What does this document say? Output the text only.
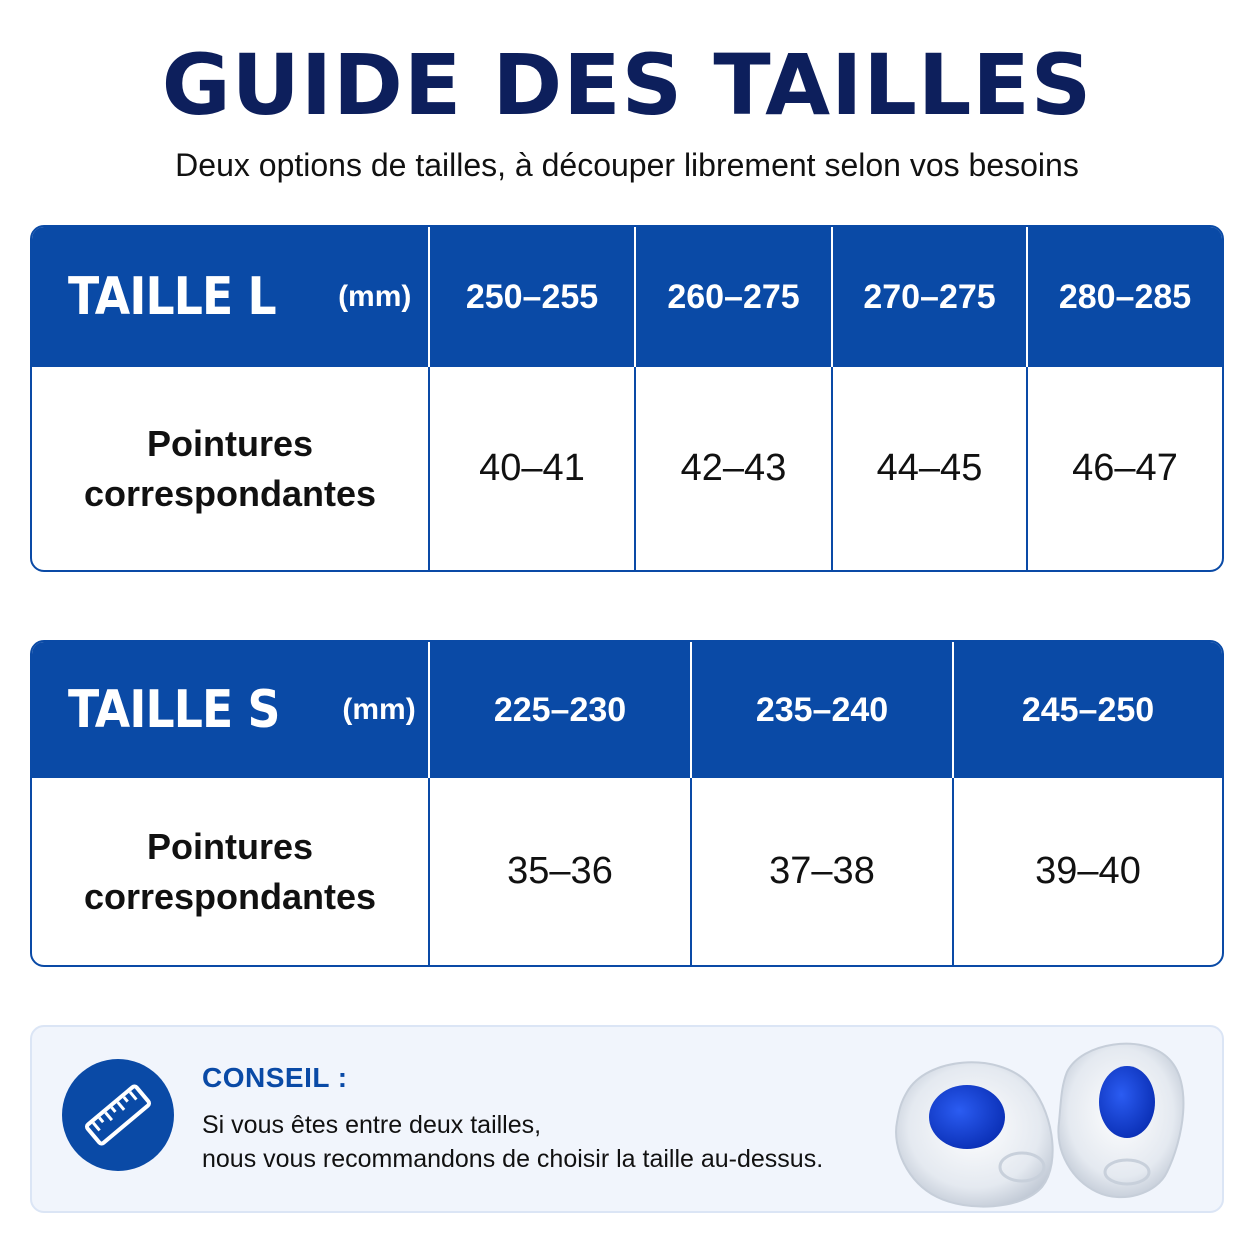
GUIDE DES TAILLES
Deux options de tailles, à découper librement selon vos besoins
TAILLE L (mm) 250–255 260–275 270–275 280–285
Pointures
correspondantes
40–41	42–43	44–45	46–47
TAILLE S (mm) 225–230	235–240	245–250
Pointures
correspondantes
35–36	37–38	39–40
CONSEIL :
Si vous êtes entre deux tailles,
nous vous recommandons de choisir la taille au-dessus.
